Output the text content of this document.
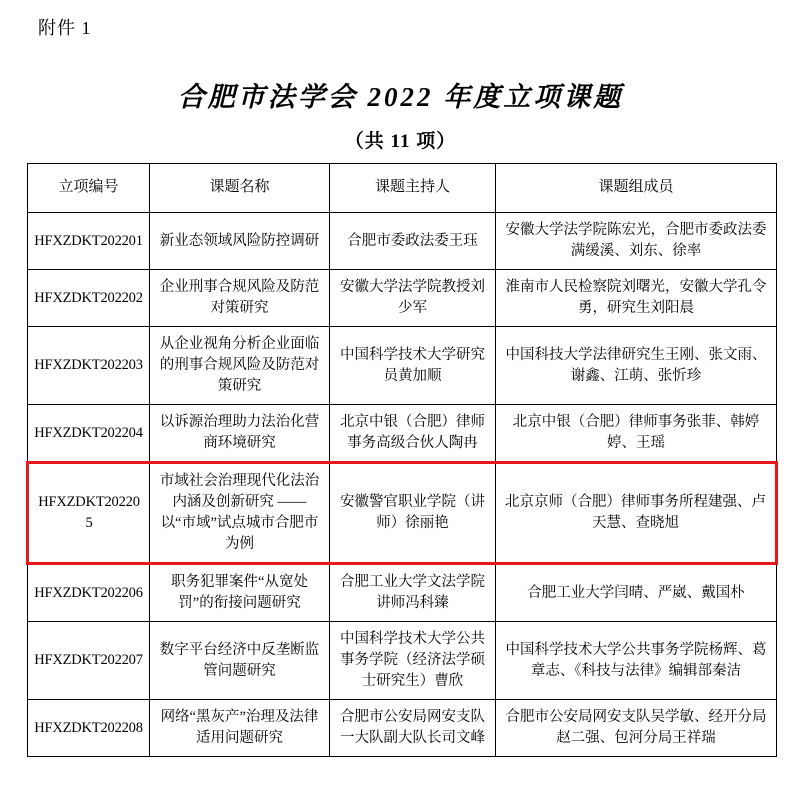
附件 1
合肥市法学会 2022 年度立项课题
（共 11 项）
立项编号	课题名称	课题主持人	课题组成员
HFXZDKT202201	新业态领域风险防控调研	合肥市委政法委王珏	安徽大学法学院陈宏光，合肥市委政法委满缓溪、刘东、徐率
HFXZDKT202202	企业刑事合规风险及防范对策研究	安徽大学法学院教授刘少军	淮南市人民检察院刘曙光，安徽大学孔令勇，研究生刘阳晨
HFXZDKT202203	从企业视角分析企业面临的刑事合规风险及防范对策研究	中国科学技术大学研究员黄加顺	中国科技大学法律研究生王刚、张文雨、谢鑫、江萌、张忻珍
HFXZDKT202204	以诉源治理助力法治化营商环境研究	北京中银（合肥）律师事务高级合伙人陶冉	北京中银（合肥）律师事务张菲、韩婷婷、王瑶
HFXZDKT202205	市域社会治理现代化法治内涵及创新研究 ——以“市域”试点城市合肥市为例	安徽警官职业学院（讲师）徐丽艳	北京京师（合肥）律师事务所程建强、卢天慧、查晓旭
HFXZDKT202206	职务犯罪案件“从宽处罚”的衔接问题研究	合肥工业大学文法学院讲师冯科臻	合肥工业大学闫晴、严崴、戴国朴
HFXZDKT202207	数字平台经济中反垄断监管问题研究	中国科学技术大学公共事务学院（经济法学硕士研究生）曹欣	中国科学技术大学公共事务学院杨辉、葛章志、《科技与法律》编辑部秦洁
HFXZDKT202208	网络“黑灰产”治理及法律适用问题研究	合肥市公安局网安支队一大队副大队长司文峰	合肥市公安局网安支队吴学敏、经开分局赵二强、包河分局王祥瑞
